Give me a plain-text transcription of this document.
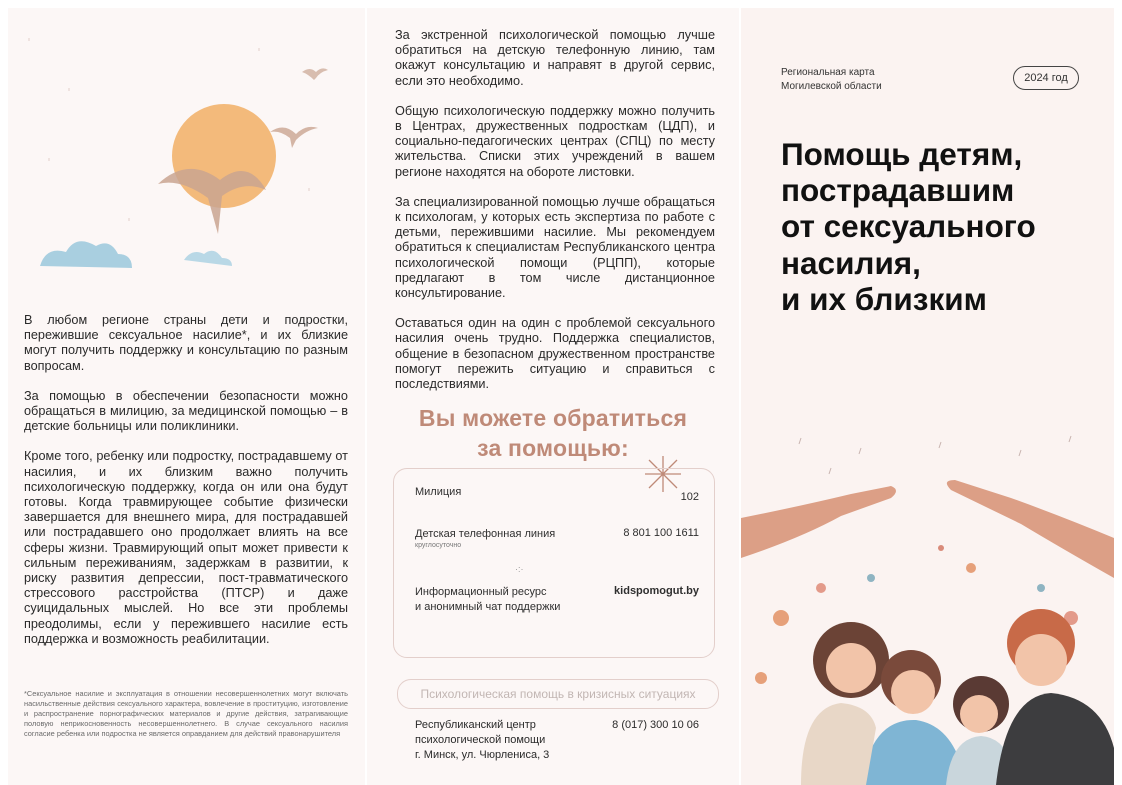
В любом регионе страны дети и подростки, пережившие сексуальное насилие*, и их близкие могут получить поддержку и консультацию по разным вопросам.

За помощью в обеспечении безопасности можно обращаться в милицию, за медицинской помощью – в детские больницы или поликлиники.

Кроме того, ребенку или подростку, пострадавшему от насилия, и их близким важно получить психологическую поддержку, когда он или она будут готовы. Когда травмирующее событие физически завершается для внешнего мира, для пострадавшей или пострадавшего оно продолжает влиять на все сферы жизни. Травмирующий опыт может привести к сильным переживаниям, задержкам в развитии, к риску развития депрессии, пост-травматического стрессового расстройства (ПТСР) и даже суицидальных мыслей. Но все эти проблемы преодолимы, если у пережившего насилие есть поддержка и возможность реабилитации.

*Сексуальное насилие и эксплуатация в отношении несовершеннолетних могут включать насильственные действия сексуального характера, вовлечение в проституцию, изготовление и распространение порнографических материалов и другие действия, затрагивающие половую неприкосновенность несовершеннолетнего. В случае сексуального насилия согласие ребенка или подростка не является оправданием для действий правонарушителя

За экстренной психологической помощью лучше обратиться на детскую телефонную линию, там окажут консультацию и направят в другой сервис, если это необходимо.

Общую психологическую поддержку можно получить в Центрах, дружественных подросткам (ЦДП), и социально-педагогических центрах (СПЦ) по месту жительства. Списки этих учреждений в вашем регионе находятся на обороте листовки.

За специализированной помощью лучше обращаться к психологам, у которых есть экспертиза по работе с детьми, пережившими насилие. Мы рекомендуем обратиться к специалистам Республиканского центра психологической помощи (РЦПП), которые предлагают в том числе дистанционное консультирование.

Оставаться один на один с проблемой сексуального насилия очень трудно. Поддержка специалистов, общение в безопасном дружественном пространстве помогут пережить ситуацию и справиться с последствиями.

Вы можете обратиться
за помощью:
Милиция	102
Детская телефонная линия
круглосуточно
8 801 100 1611
·:·
Информационный ресурс
и анонимный чат поддержки
kidspomogut.by
Психологическая помощь в кризисных ситуациях
Республиканский центр
психологической помощи
г. Минск, ул. Чюрлениса, 3
8 (017) 300 10 06
Региональная карта
Могилевской области
2024 год
Помощь детям,
пострадавшим
от сексуального
насилия,
и их близким
